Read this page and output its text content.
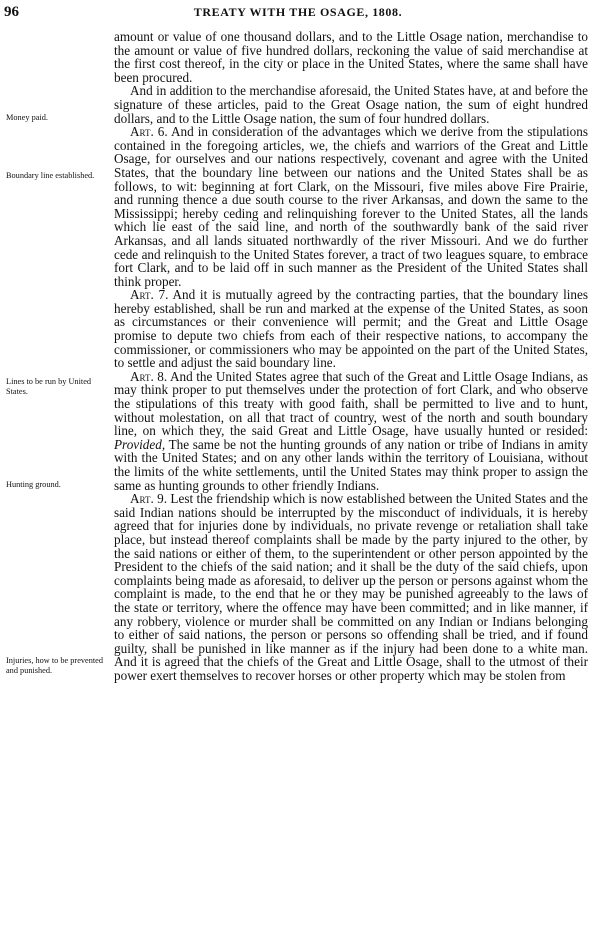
96	TREATY WITH THE OSAGE, 1808.
Money paid.
Boundary line established.
Lines to be run by United States.
Hunting ground.
Injuries, how to be prevented and punished.

amount or value of one thousand dollars, and to the Little Osage nation, merchandise to the amount or value of five hundred dollars, reckoning the value of said merchandise at the first cost thereof, in the city or place in the United States, where the same shall have been procured.

And in addition to the merchandise aforesaid, the United States have, at and before the signature of these articles, paid to the Great Osage nation, the sum of eight hundred dollars, and to the Little Osage nation, the sum of four hundred dollars.

Art. 6. And in consideration of the advantages which we derive from the stipulations contained in the foregoing articles, we, the chiefs and warriors of the Great and Little Osage, for ourselves and our nations respectively, covenant and agree with the United States, that the boundary line between our nations and the United States shall be as follows, to wit: beginning at fort Clark, on the Missouri, five miles above Fire Prairie, and running thence a due south course to the river Arkansas, and down the same to the Mississippi; hereby ceding and relinquishing forever to the United States, all the lands which lie east of the said line, and north of the southwardly bank of the said river Arkansas, and all lands situated northwardly of the river Missouri. And we do further cede and relinquish to the United States forever, a tract of two leagues square, to embrace fort Clark, and to be laid off in such manner as the President of the United States shall think proper.

Art. 7. And it is mutually agreed by the contracting parties, that the boundary lines hereby established, shall be run and marked at the expense of the United States, as soon as circumstances or their convenience will permit; and the Great and Little Osage promise to depute two chiefs from each of their respective nations, to accompany the commissioner, or commissioners who may be appointed on the part of the United States, to settle and adjust the said boundary line.

Art. 8. And the United States agree that such of the Great and Little Osage Indians, as may think proper to put themselves under the protection of fort Clark, and who observe the stipulations of this treaty with good faith, shall be permitted to live and to hunt, without molestation, on all that tract of country, west of the north and south boundary line, on which they, the said Great and Little Osage, have usually hunted or resided: Provided, The same be not the hunting grounds of any nation or tribe of Indians in amity with the United States; and on any other lands within the territory of Louisiana, without the limits of the white settlements, until the United States may think proper to assign the same as hunting grounds to other friendly Indians.

Art. 9. Lest the friendship which is now established between the United States and the said Indian nations should be interrupted by the misconduct of individuals, it is hereby agreed that for injuries done by individuals, no private revenge or retaliation shall take place, but instead thereof complaints shall be made by the party injured to the other, by the said nations or either of them, to the superintendent or other person appointed by the President to the chiefs of the said nation; and it shall be the duty of the said chiefs, upon complaints being made as aforesaid, to deliver up the person or persons against whom the complaint is made, to the end that he or they may be punished agreeably to the laws of the state or territory, where the offence may have been committed; and in like manner, if any robbery, violence or murder shall be committed on any Indian or Indians belonging to either of said nations, the person or persons so offending shall be tried, and if found guilty, shall be punished in like manner as if the injury had been done to a white man. And it is agreed that the chiefs of the Great and Little Osage, shall to the utmost of their power exert themselves to recover horses or other property which may be stolen from
